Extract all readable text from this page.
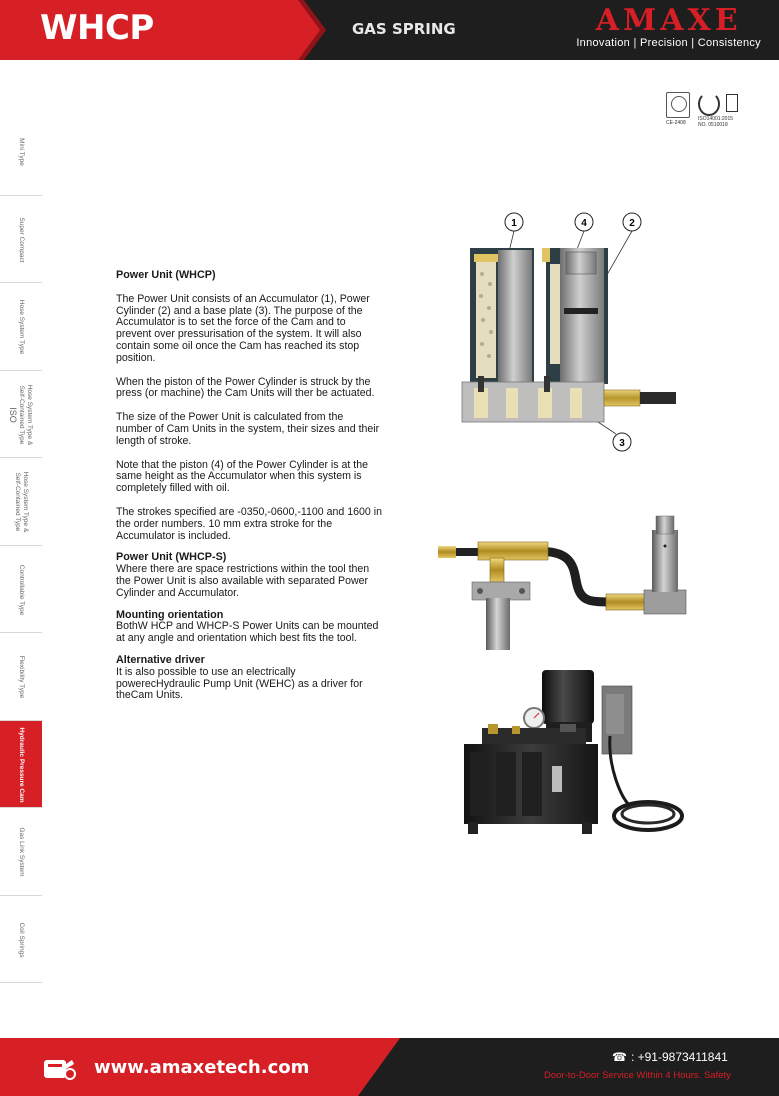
WHCP	GAS SPRING	AMAXE
Innovation | Precision | Consistency
CE-2408
ISO14001:2015
NO. 0510018
Mini Type
Super Compact
Hose System Type
Hose System Type &
Self-Contained Type
ISO
Hose System Type &
Self-Contained Type
Controllable Type
Flexibility Type
Hydraulic Pressure Cam
Gas Link System
Coil Springs
Power Unit (WHCP)

The Power Unit consists of an Accumulator (1), Power Cylinder (2) and a base plate (3). The purpose of the Accumulator is to set the force of the Cam and to prevent over pressurisation of the system. It will also contain some oil once the Cam has reached its stop position.

When the piston of the Power Cylinder is struck by the press (or machine) the Cam Units will ther be actuated.

The size of the Power Unit is calculated from the number of Cam Units in the system, their sizes and their length of stroke.

Note that the piston (4) of the Power Cylinder is at the same height as the Accumulator when this system is completely filled with oil.

The strokes specified are -0350,-0600,-1100 and 1600 in the order numbers. 10 mm extra stroke for the Accumulator is included.

Power Unit (WHCP-S)

Where there are space restrictions within the tool then the Power Unit is also available with separated Power Cylinder and Accumulator.

Mounting orientation

BothW HCP and WHCP-S Power Units can be mounted at any angle and orientation which best fits the tool.

Alternative driver

It is also possible to use an electrically powerecHydraulic Pump Unit (WEHC) as a driver for theCam Units.

1	4	2
3
www.amaxetech.com	☎ : +91-9873411841
Door-to-Door Service Within 4 Hours. Safety
